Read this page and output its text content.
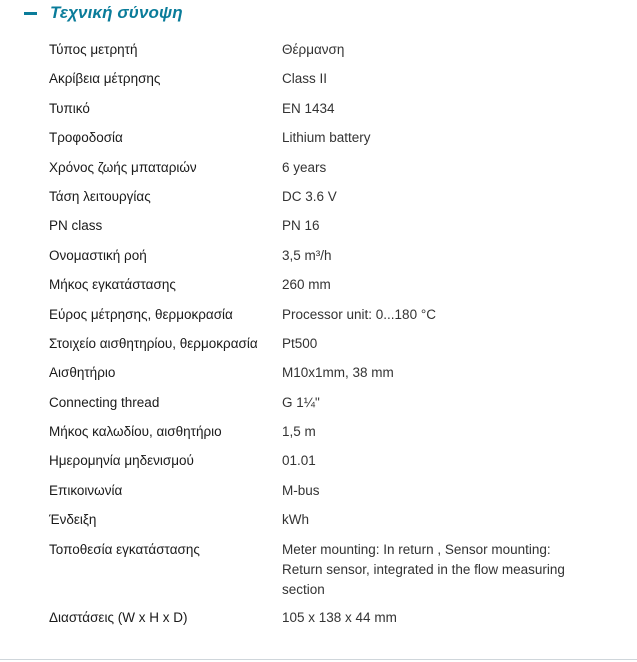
Τεχνική σύνοψη
Τύπος μετρητή	Θέρμανση
Ακρίβεια μέτρησης	Class II
Τυπικό	EN 1434
Τροφοδοσία	Lithium battery
Χρόνος ζωής μπαταριών	6 years
Τάση λειτουργίας	DC 3.6 V
PN class	PN 16
Ονομαστική ροή	3,5 m³/h
Μήκος εγκατάστασης	260 mm
Εύρος μέτρησης, θερμοκρασία	Processor unit: 0...180 °C
Στοιχείο αισθητηρίου, θερμοκρασία	Pt500
Αισθητήριο	M10x1mm, 38 mm
Connecting thread	G 1¼"
Μήκος καλωδίου, αισθητήριο	1,5 m
Ημερομηνία μηδενισμού	01.01
Επικοινωνία	M-bus
Ένδειξη	kWh
Τοποθεσία εγκατάστασης	Meter mounting: In return , Sensor mounting: Return sensor, integrated in the flow measuring section
Διαστάσεις (W x H x D)	105 x 138 x 44 mm
